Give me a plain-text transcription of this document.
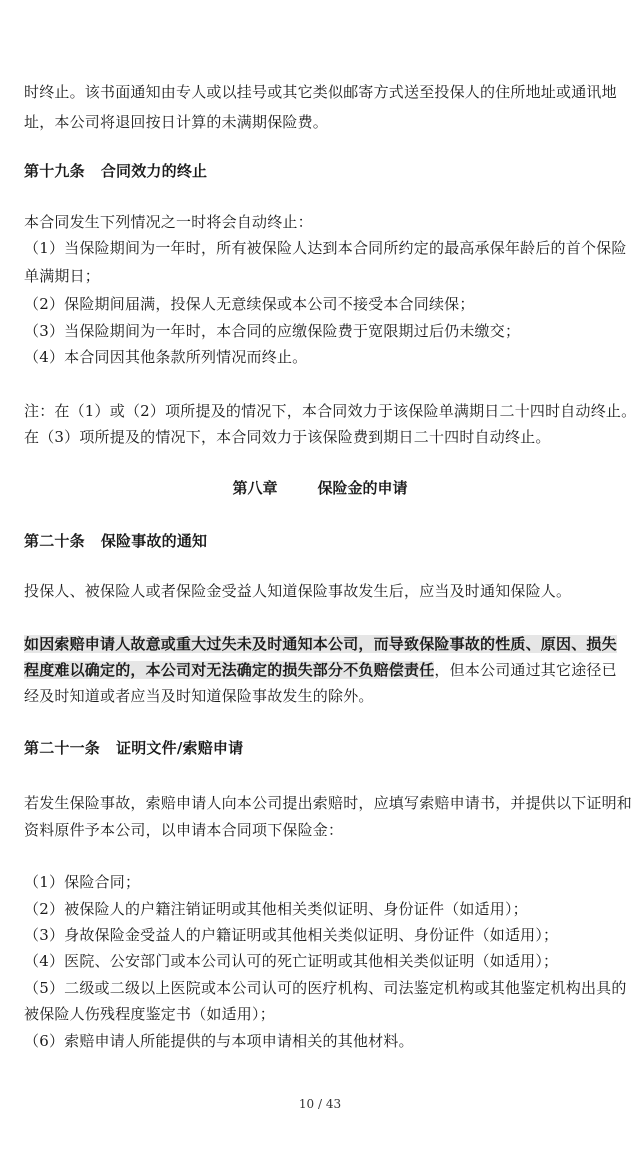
时终止。该书面通知由专人或以挂号或其它类似邮寄方式送至投保人的住所地址或通讯地
址，本公司将退回按日计算的未满期保险费。
第十九条 合同效力的终止
本合同发生下列情况之一时将会自动终止：
（1）当保险期间为一年时，所有被保险人达到本合同所约定的最高承保年龄后的首个保险
单满期日；
（2）保险期间届满，投保人无意续保或本公司不接受本合同续保；
（3）当保险期间为一年时，本合同的应缴保险费于宽限期过后仍未缴交；
（4）本合同因其他条款所列情况而终止。
注：在（1）或（2）项所提及的情况下，本合同效力于该保险单满期日二十四时自动终止。
在（3）项所提及的情况下，本合同效力于该保险费到期日二十四时自动终止。
第八章	保险金的申请
第二十条 保险事故的通知
投保人、被保险人或者保险金受益人知道保险事故发生后，应当及时通知保险人。
如因索赔申请人故意或重大过失未及时通知本公司，而导致保险事故的性质、原因、损失
程度难以确定的，本公司对无法确定的损失部分不负赔偿责任，但本公司通过其它途径已
经及时知道或者应当及时知道保险事故发生的除外。
第二十一条 证明文件/索赔申请
若发生保险事故，索赔申请人向本公司提出索赔时，应填写索赔申请书，并提供以下证明和
资料原件予本公司，以申请本合同项下保险金：
（1）保险合同；
（2）被保险人的户籍注销证明或其他相关类似证明、身份证件（如适用）；
（3）身故保险金受益人的户籍证明或其他相关类似证明、身份证件（如适用）；
（4）医院、公安部门或本公司认可的死亡证明或其他相关类似证明（如适用）；
（5）二级或二级以上医院或本公司认可的医疗机构、司法鉴定机构或其他鉴定机构出具的
被保险人伤残程度鉴定书（如适用）；
（6）索赔申请人所能提供的与本项申请相关的其他材料。
10 / 43
